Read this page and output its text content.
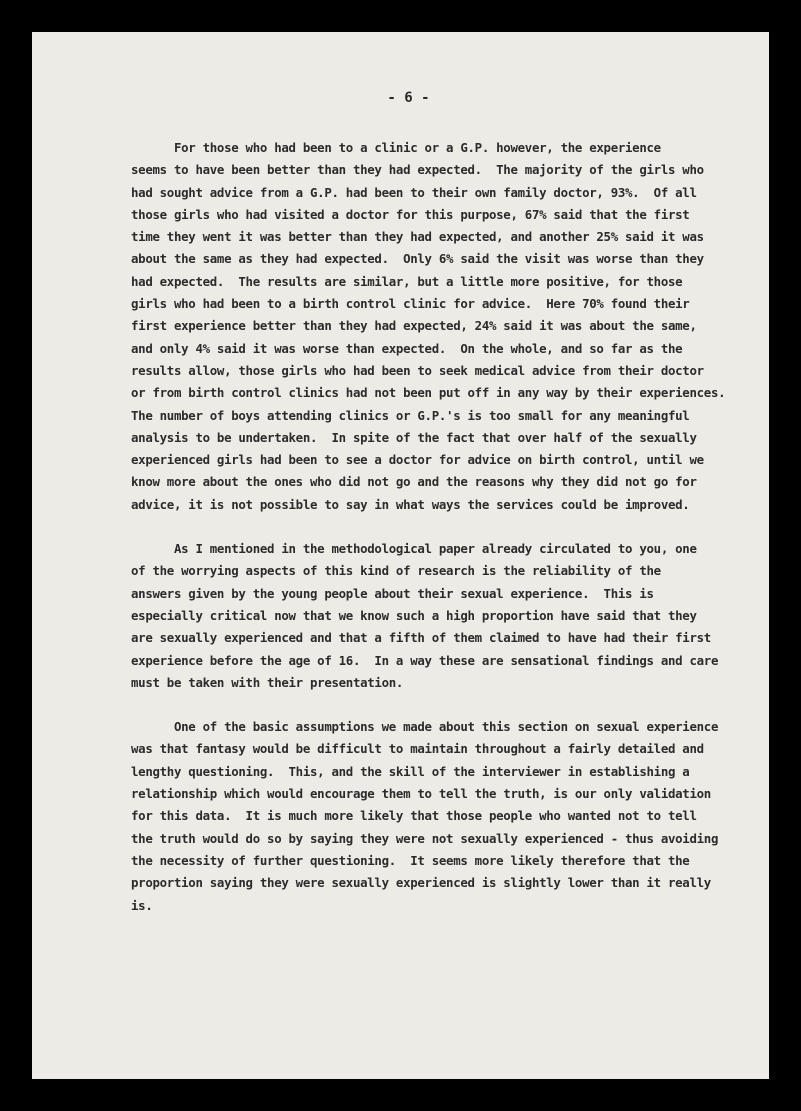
- 6 -
For those who had been to a clinic or a G.P. however, the experience
seems to have been better than they had expected.  The majority of the girls who
had sought advice from a G.P. had been to their own family doctor, 93%.  Of all
those girls who had visited a doctor for this purpose, 67% said that the first
time they went it was better than they had expected, and another 25% said it was
about the same as they had expected.  Only 6% said the visit was worse than they
had expected.  The results are similar, but a little more positive, for those
girls who had been to a birth control clinic for advice.  Here 70% found their
first experience better than they had expected, 24% said it was about the same,
and only 4% said it was worse than expected.  On the whole, and so far as the
results allow, those girls who had been to seek medical advice from their doctor
or from birth control clinics had not been put off in any way by their experiences.
The number of boys attending clinics or G.P.'s is too small for any meaningful
analysis to be undertaken.  In spite of the fact that over half of the sexually
experienced girls had been to see a doctor for advice on birth control, until we
know more about the ones who did not go and the reasons why they did not go for
advice, it is not possible to say in what ways the services could be improved.
As I mentioned in the methodological paper already circulated to you, one
of the worrying aspects of this kind of research is the reliability of the
answers given by the young people about their sexual experience.  This is
especially critical now that we know such a high proportion have said that they
are sexually experienced and that a fifth of them claimed to have had their first
experience before the age of 16.  In a way these are sensational findings and care
must be taken with their presentation.
One of the basic assumptions we made about this section on sexual experience
was that fantasy would be difficult to maintain throughout a fairly detailed and
lengthy questioning.  This, and the skill of the interviewer in establishing a
relationship which would encourage them to tell the truth, is our only validation
for this data.  It is much more likely that those people who wanted not to tell
the truth would do so by saying they were not sexually experienced - thus avoiding
the necessity of further questioning.  It seems more likely therefore that the
proportion saying they were sexually experienced is slightly lower than it really
is.
